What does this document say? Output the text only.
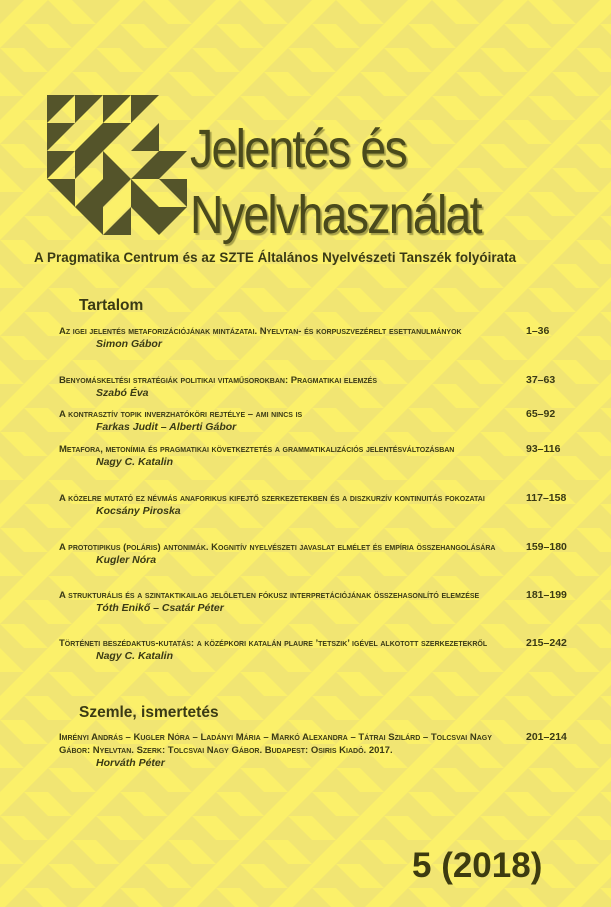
Jelentés és
Nyelvhasználat
A Pragmatika Centrum és az SZTE Általános Nyelvészeti Tanszék folyóirata
Tartalom
Az igei jelentés metaforizációjának mintázatai. Nyelvtan- és korpuszvezérelt esettanulmányok
Simon Gábor
1–36
Benyomáskeltési stratégiák politikai vitaműsorokban: Pragmatikai elemzés
Szabó Éva
37–63
A kontrasztív topik inverzhatóköri rejtélye – ami nincs is
Farkas Judit – Alberti Gábor
65–92
Metafora, metonímia és pragmatikai következtetés a grammatikalizációs jelentésváltozásban
Nagy C. Katalin
93–116
A közelre mutató ez névmás anaforikus kifejtő szerkezetekben és a diszkurzív kontinuitás fokozatai
Kocsány Piroska
117–158
A prototipikus (poláris) antonimák. Kognitív nyelvészeti javaslat elmélet és empíria összehangolására
Kugler Nóra
159–180
A strukturális és a szintaktikailag jelöletlen fókusz interpretációjának összehasonlító elemzése
Tóth Enikő – Csatár Péter
181–199
Történeti beszédaktus-kutatás: a középkori katalán plaure ’tetszik’ igével alkotott szerkezetekről
Nagy C. Katalin
215–242
Szemle, ismertetés
Imrényi András – Kugler Nóra – Ladányi Mária – Markó Alexandra – Tátrai Szilárd – Tolcsvai Nagy Gábor: Nyelvtan. Szerk: Tolcsvai Nagy Gábor. Budapest: Osiris Kiadó. 2017.
Horváth Péter
201–214
5 (2018)
